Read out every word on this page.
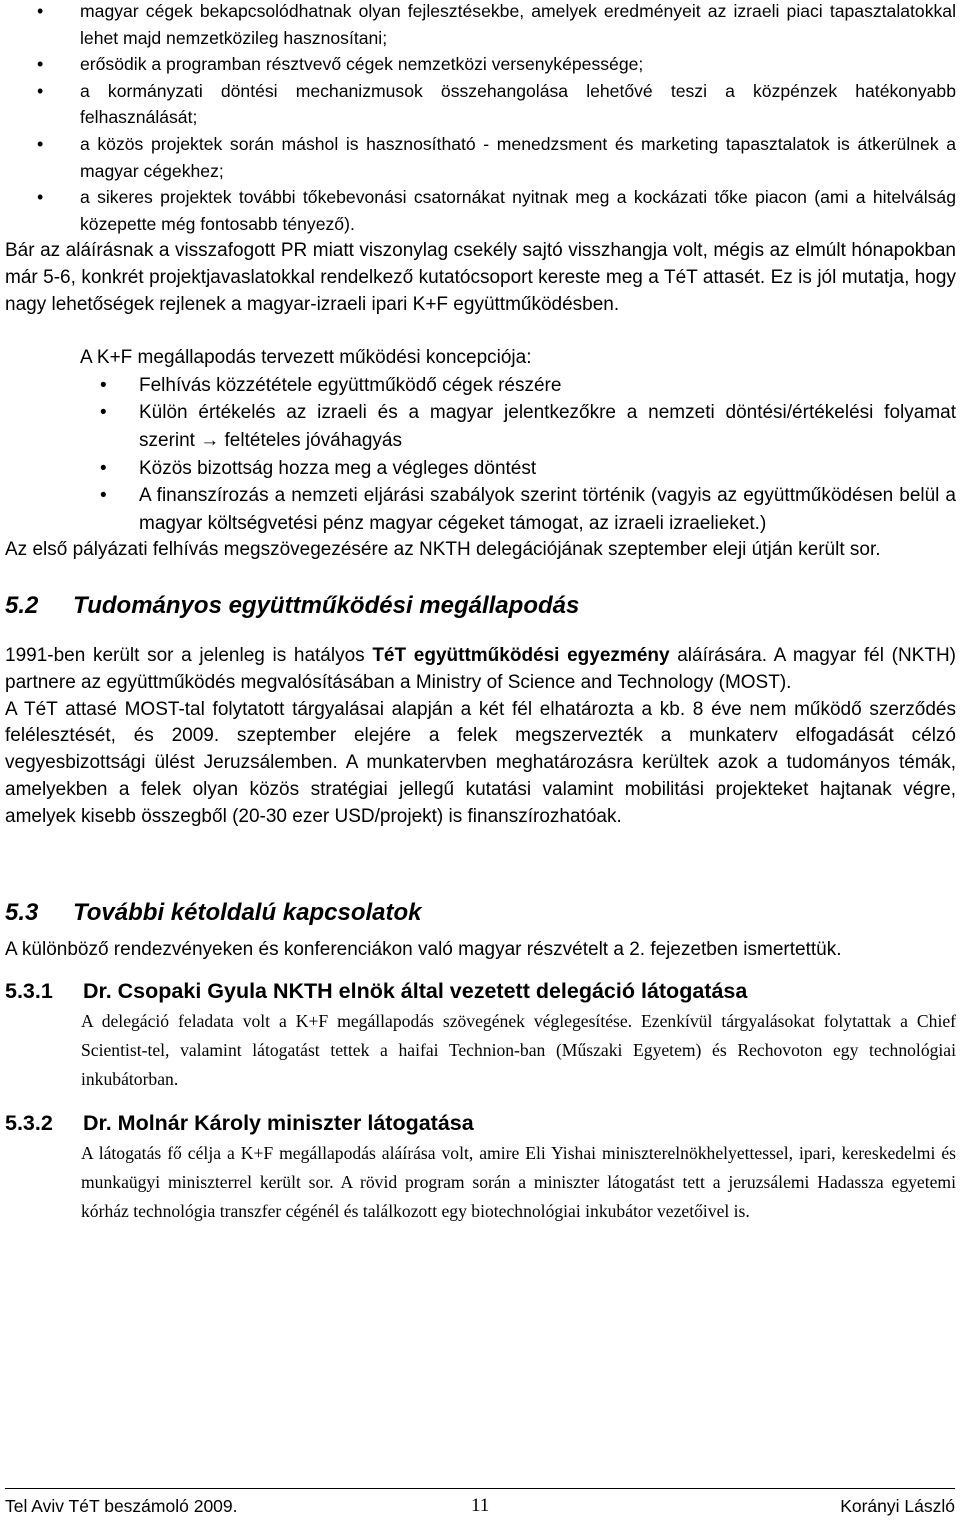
• magyar cégek bekapcsolódhatnak olyan fejlesztésekbe, amelyek eredményeit az izraeli piaci tapasztalatokkal lehet majd nemzetközileg hasznosítani;
• erősödik a programban résztvevő cégek nemzetközi versenyképessége;
• a kormányzati döntési mechanizmusok összehangolása lehetővé teszi a közpénzek hatékonyabb felhasználását;
• a közös projektek során máshol is hasznosítható - menedzsment és marketing tapasztalatok is átkerülnek a magyar cégekhez;
• a sikeres projektek további tőkebevonási csatornákat nyitnak meg a kockázati tőke piacon (ami a hitelválság közepette még fontosabb tényező).

Bár az aláírásnak a visszafogott PR miatt viszonylag csekély sajtó visszhangja volt, mégis az elmúlt hónapokban már 5-6, konkrét projektjavaslatokkal rendelkező kutatócsoport kereste meg a TéT attasét. Ez is jól mutatja, hogy nagy lehetőségek rejlenek a magyar-izraeli ipari K+F együttműködésben.

A K+F megállapodás tervezett működési koncepciója:

• Felhívás közzététele együttműködő cégek részére
• Külön értékelés az izraeli és a magyar jelentkezőkre a nemzeti döntési/értékelési folyamat szerint → feltételes jóváhagyás
• Közös bizottság hozza meg a végleges döntést
• A finanszírozás a nemzeti eljárási szabályok szerint történik (vagyis az együttműködésen belül a magyar költségvetési pénz magyar cégeket támogat, az izraeli izraelieket.)

Az első pályázati felhívás megszövegezésére az NKTH delegációjának szeptember eleji útján került sor.

5.2 Tudományos együttműködési megállapodás

1991-ben került sor a jelenleg is hatályos TéT együttműködési egyezmény aláírására. A magyar fél (NKTH) partnere az együttműködés megvalósításában a Ministry of Science and Technology (MOST).

A TéT attasé MOST-tal folytatott tárgyalásai alapján a két fél elhatározta a kb. 8 éve nem működő szerződés felélesztését, és 2009. szeptember elejére a felek megszervezték a munkaterv elfogadását célzó vegyesbizottsági ülést Jeruzsálemben. A munkatervben meghatározásra kerültek azok a tudományos témák, amelyekben a felek olyan közös stratégiai jellegű kutatási valamint mobilitási projekteket hajtanak végre, amelyek kisebb összegből (20-30 ezer USD/projekt) is finanszírozhatóak.

5.3 További kétoldalú kapcsolatok

A különböző rendezvényeken és konferenciákon való magyar részvételt a 2. fejezetben ismertettük.

5.3.1 Dr. Csopaki Gyula NKTH elnök által vezetett delegáció látogatása

A delegáció feladata volt a K+F megállapodás szövegének véglegesítése. Ezenkívül tárgyalásokat folytattak a Chief Scientist-tel, valamint látogatást tettek a haifai Technion-ban (Műszaki Egyetem) és Rechovoton egy technológiai inkubátorban.

5.3.2 Dr. Molnár Károly miniszter látogatása

A látogatás fő célja a K+F megállapodás aláírása volt, amire Eli Yishai miniszterelnökhelyettessel, ipari, kereskedelmi és munkaügyi miniszterrel került sor. A rövid program során a miniszter látogatást tett a jeruzsálemi Hadassza egyetemi kórház technológia transzfer cégénél és találkozott egy biotechnológiai inkubátor vezetőivel is.

Tel Aviv TéT beszámoló 2009.	11	Korányi László
